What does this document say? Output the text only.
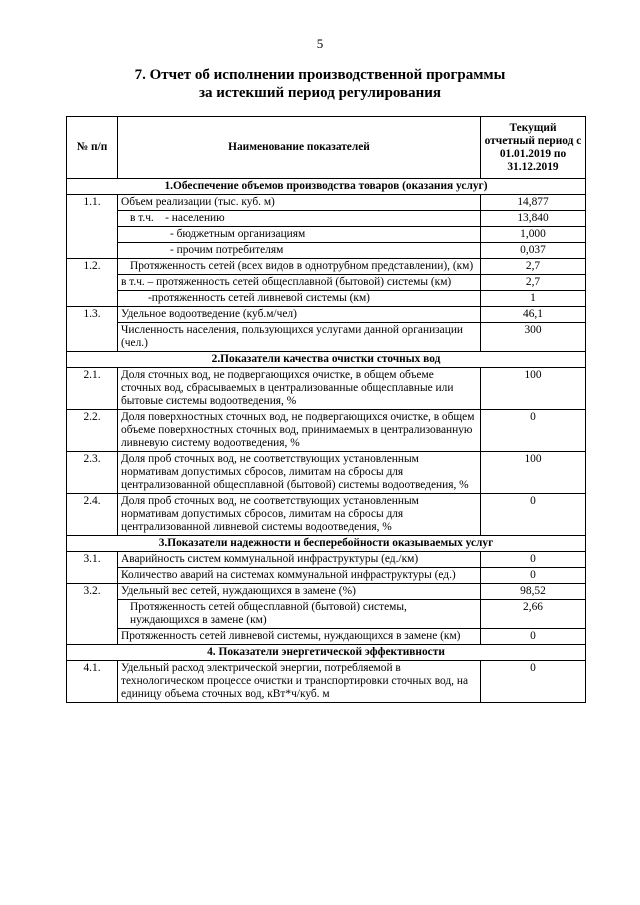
5
7. Отчет об исполнении производственной программы
за истекший период регулирования
№ п/п	Наименование показателей	Текущий отчетный период с 01.01.2019 по 31.12.2019
1.Обеспечение объемов производства товаров (оказания услуг)		
1.1.	Объем реализации (тыс. куб. м)	14,877
	в т.ч.    - населению	13,840
	- бюджетным организациям	1,000
	- прочим потребителям	0,037
1.2.	Протяженность сетей (всех видов в однотрубном представлении), (км)	2,7
	в т.ч. – протяженность сетей общесплавной (бытовой) системы (км)	2,7
	-протяженность сетей ливневой системы (км)	1
1.3.	Удельное водоотведение (куб.м/чел)	46,1
	Численность населения, пользующихся услугами данной организации (чел.)	300
2.Показатели качества очистки сточных вод		
2.1.	Доля сточных вод, не подвергающихся очистке, в общем объеме сточных вод, сбрасываемых в централизованные общесплавные или бытовые системы водоотведения, %	100
2.2.	Доля поверхностных сточных вод, не подвергающихся очистке, в общем объеме поверхностных сточных вод, принимаемых в централизованную ливневую систему водоотведения, %	0
2.3.	Доля проб сточных вод, не соответствующих установленным нормативам допустимых сбросов, лимитам на сбросы для централизованной общесплавной (бытовой) системы водоотведения, %	100
2.4.	Доля проб сточных вод, не соответствующих установленным нормативам допустимых сбросов, лимитам на сбросы для централизованной ливневой системы водоотведения, %	0
3.Показатели надежности и бесперебойности оказываемых услуг		
3.1.	Аварийность систем коммунальной инфраструктуры (ед./км)	0
	Количество аварий на системах коммунальной инфраструктуры (ед.)	0
3.2.	Удельный вес сетей, нуждающихся в замене (%)	98,52
	Протяженность сетей общесплавной (бытовой) системы, нуждающихся в замене (км)	2,66
	Протяженность сетей ливневой системы, нуждающихся в замене (км)	0
4. Показатели энергетической эффективности		
4.1.	Удельный расход электрической энергии, потребляемой в технологическом процессе очистки и транспортировки сточных вод, на единицу объема сточных вод, кВт*ч/куб. м	0
